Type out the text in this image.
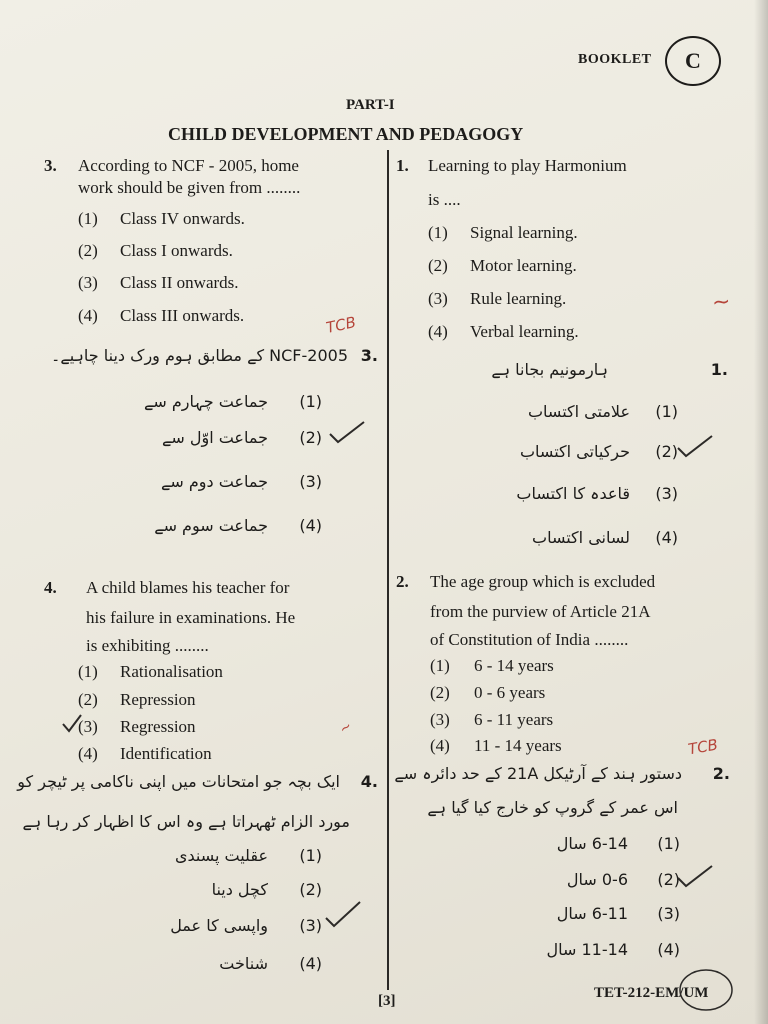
BOOKLET	C
PART-I
CHILD DEVELOPMENT AND PEDAGOGY
3. According to NCF - 2005, home
work should be given from ........
(1) Class IV onwards.
(2) Class I onwards.
(3) Class II onwards.
(4) Class III onwards.
.3
2005-NCF کے مطابق ہوم ورک دینا چاہیے۔
(1)
جماعت چہارم سے
(2)
جماعت اوّل سے
(3)
جماعت دوم سے
(4)
جماعت سوم سے
1. Learning to play Harmonium
is ....
(1) Signal learning.
(2) Motor learning.
(3) Rule learning.
(4) Verbal learning.
.1
ہارمونیم بجانا ہے
(1)
علامتی اکتساب
(2)
حرکیاتی اکتساب
(3)
قاعدہ کا اکتساب
(4)
لسانی اکتساب
4. A child blames his teacher for
his failure in examinations. He
is exhibiting ........
(1) Rationalisation
(2) Repression
(3) Regression
(4) Identification
.4
ایک بچہ جو امتحانات میں اپنی ناکامی پر ٹیچر کو
مورد الزام ٹھہراتا ہے وہ اس کا اظہار کر رہا ہے
(1)
عقلیت پسندی
(2)
کچل دینا
(3)
واپسی کا عمل
(4)
شناخت
2. The age group which is excluded
from the purview of Article 21A
of Constitution of India ........
(1) 6 - 14 years
(2) 0 - 6 years
(3) 6 - 11 years
(4) 11 - 14 years
.2
دستور ہند کے آرٹیکل 21A کے حد دائرہ سے
اس عمر کے گروپ کو خارج کیا گیا ہے
(1)
6-14 سال
(2)
0-6 سال
(3)
6-11 سال
(4)
11-14 سال
TCB
~
~
TCB
[3]	TET-212-EM/UM
